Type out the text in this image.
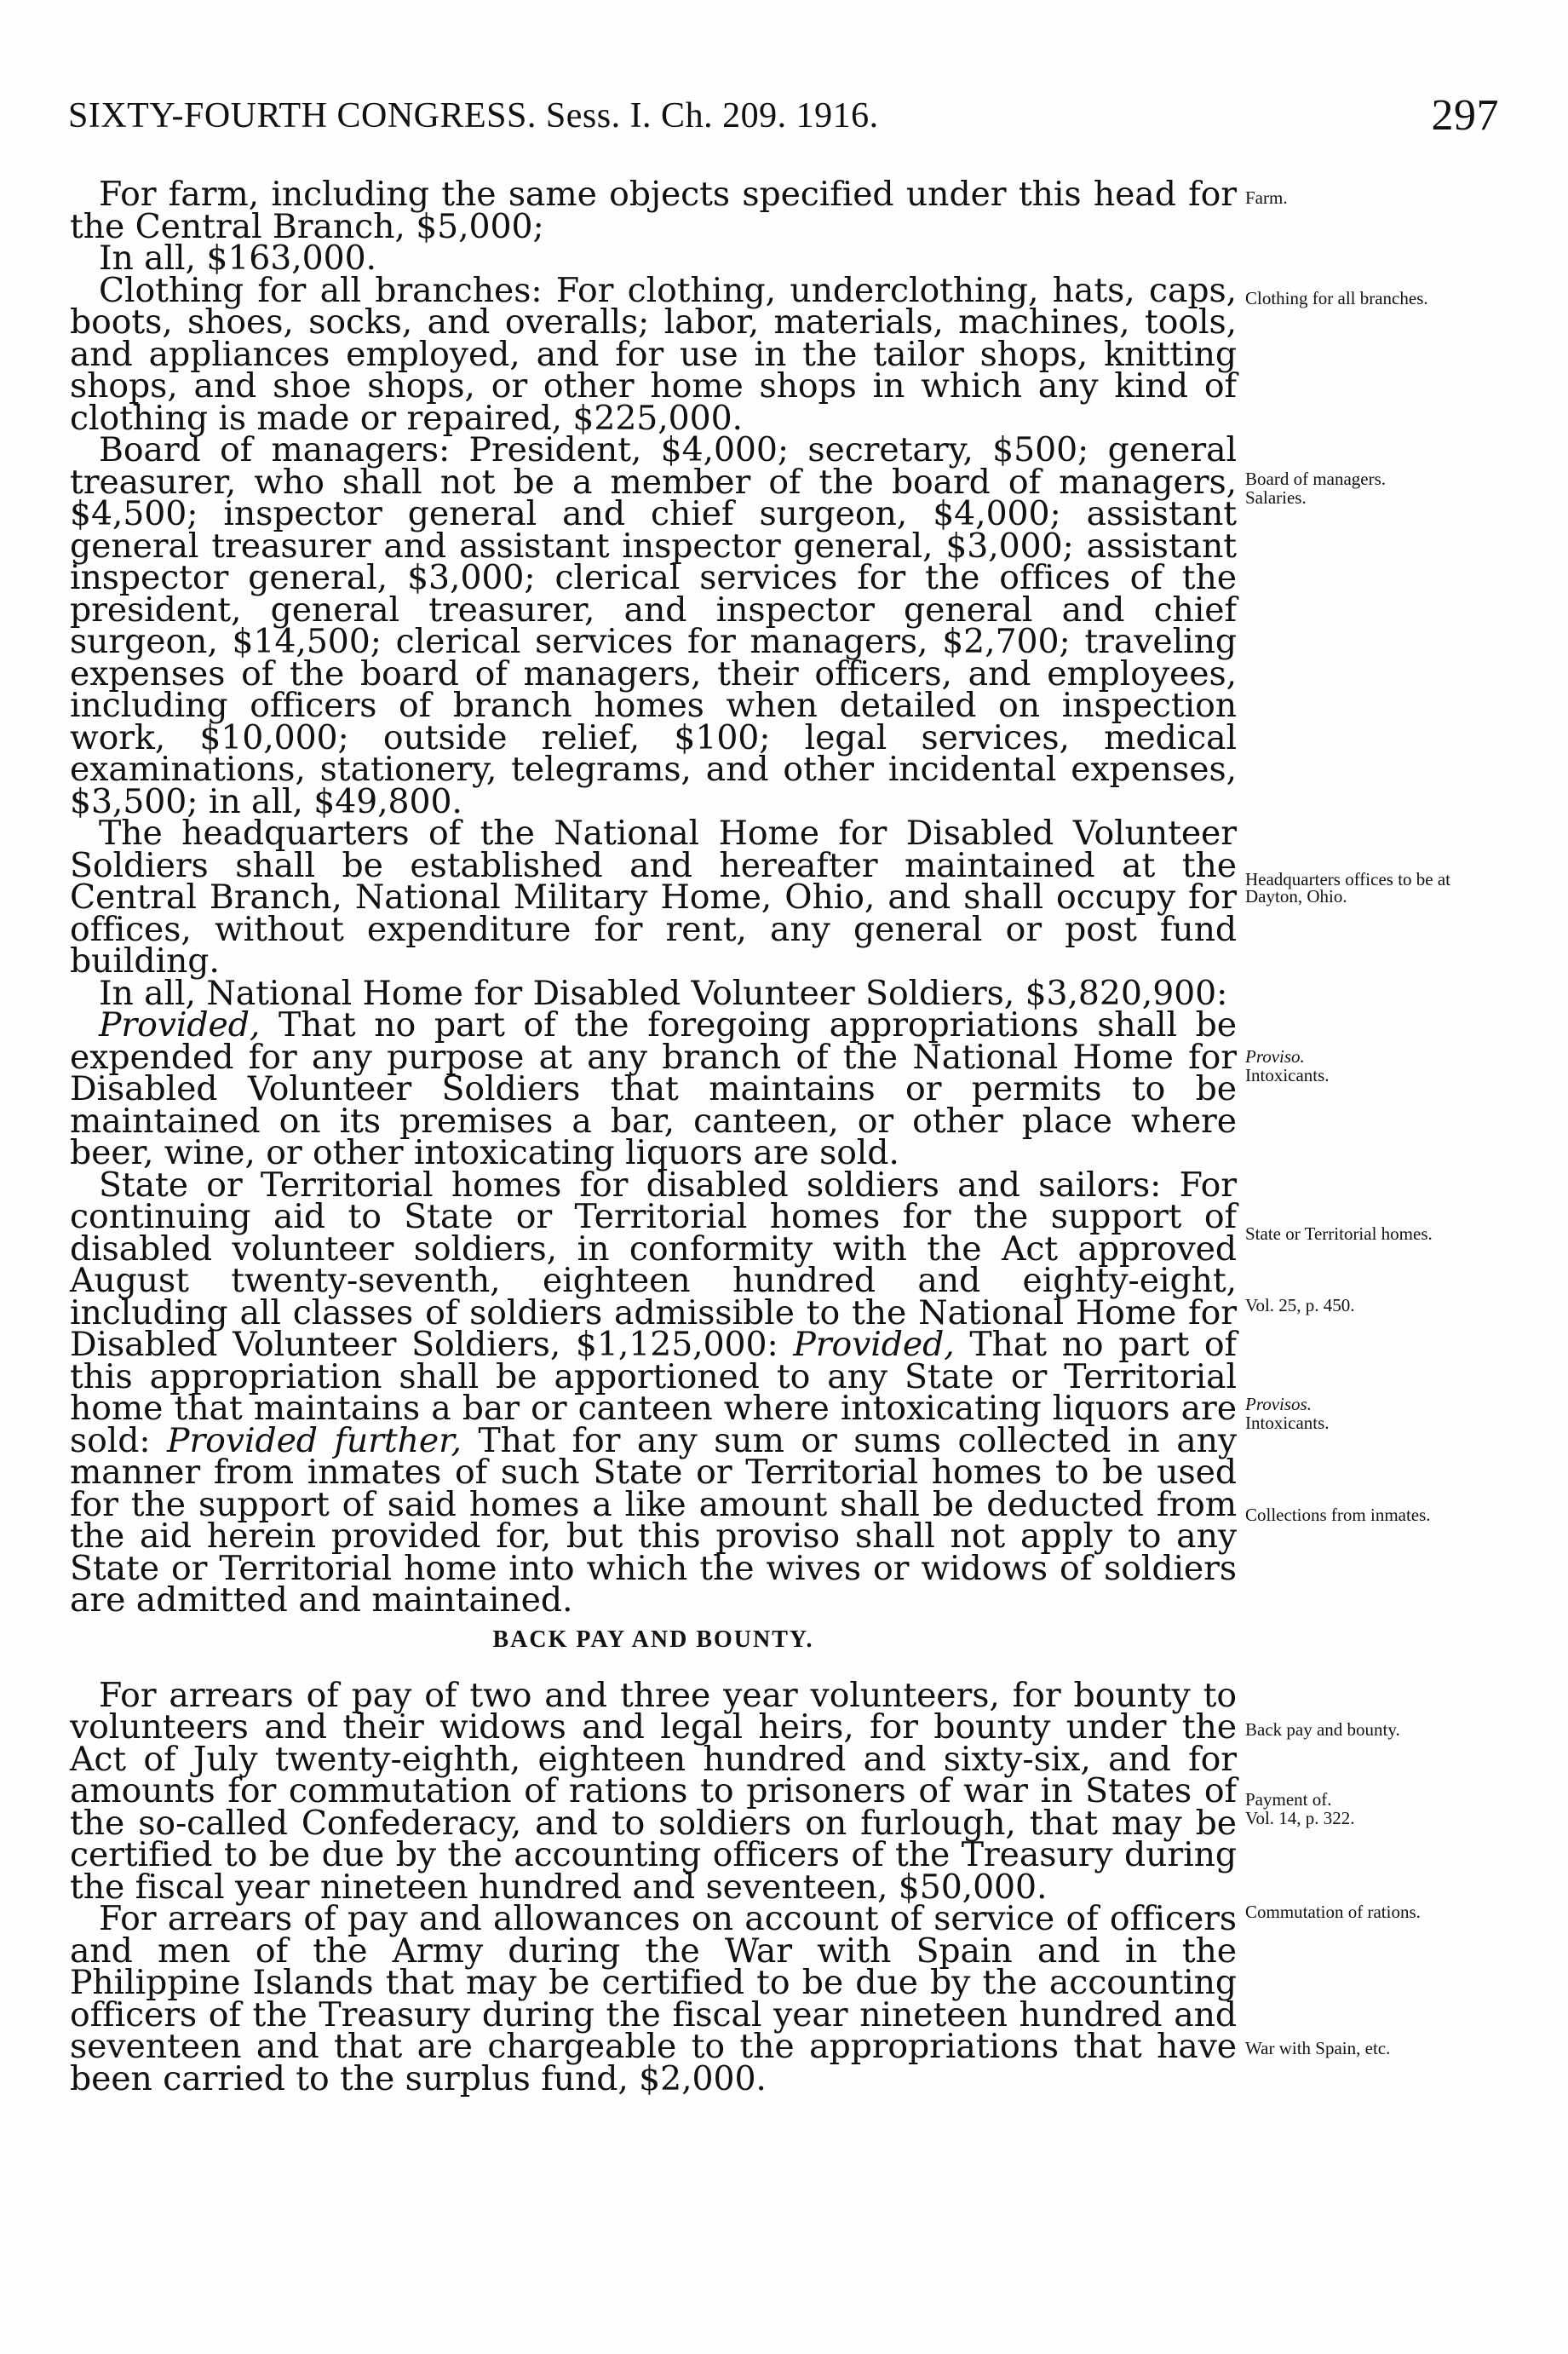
SIXTY-FOURTH CONGRESS. Sess. I. Ch. 209. 1916.	297

For farm, including the same objects specified under this head for the Central Branch, $5,000;

In all, $163,000.

Clothing for all branches: For clothing, underclothing, hats, caps, boots, shoes, socks, and overalls; labor, materials, machines, tools, and appliances employed, and for use in the tailor shops, knitting shops, and shoe shops, or other home shops in which any kind of clothing is made or repaired, $225,000.

Board of managers: President, $4,000; secretary, $500; general treasurer, who shall not be a member of the board of managers, $4,500; inspector general and chief surgeon, $4,000; assistant general treasurer and assistant inspector general, $3,000; assistant inspector general, $3,000; clerical services for the offices of the president, general treasurer, and inspector general and chief surgeon, $14,500; clerical services for managers, $2,700; traveling expenses of the board of managers, their officers, and employees, including officers of branch homes when detailed on inspection work, $10,000; outside relief, $100; legal services, medical examinations, stationery, telegrams, and other incidental expenses, $3,500; in all, $49,800.

The headquarters of the National Home for Disabled Volunteer Soldiers shall be established and hereafter maintained at the Central Branch, National Military Home, Ohio, and shall occupy for offices, without expenditure for rent, any general or post fund building.

In all, National Home for Disabled Volunteer Soldiers, $3,820,900:

Provided, That no part of the foregoing appropriations shall be expended for any purpose at any branch of the National Home for Disabled Volunteer Soldiers that maintains or permits to be maintained on its premises a bar, canteen, or other place where beer, wine, or other intoxicating liquors are sold.

State or Territorial homes for disabled soldiers and sailors: For continuing aid to State or Territorial homes for the support of disabled volunteer soldiers, in conformity with the Act approved August twenty-seventh, eighteen hundred and eighty-eight, including all classes of soldiers admissible to the National Home for Disabled Volunteer Soldiers, $1,125,000: Provided, That no part of this appropriation shall be apportioned to any State or Territorial home that maintains a bar or canteen where intoxicating liquors are sold: Provided further, That for any sum or sums collected in any manner from inmates of such State or Territorial homes to be used for the support of said homes a like amount shall be deducted from the aid herein provided for, but this proviso shall not apply to any State or Territorial home into which the wives or widows of soldiers are admitted and maintained.

BACK PAY AND BOUNTY.

For arrears of pay of two and three year volunteers, for bounty to volunteers and their widows and legal heirs, for bounty under the Act of July twenty-eighth, eighteen hundred and sixty-six, and for amounts for commutation of rations to prisoners of war in States of the so-called Confederacy, and to soldiers on furlough, that may be certified to be due by the accounting officers of the Treasury during the fiscal year nineteen hundred and seventeen, $50,000.

For arrears of pay and allowances on account of service of officers and men of the Army during the War with Spain and in the Philippine Islands that may be certified to be due by the accounting officers of the Treasury during the fiscal year nineteen hundred and seventeen and that are chargeable to the appropriations that have been carried to the surplus fund, $2,000.

Farm.
Clothing for all branches.
Board of managers.
Salaries.
Headquarters offices to be at Dayton, Ohio.
Proviso.
Intoxicants.
State or Territorial homes.
Vol. 25, p. 450.
Provisos.
Intoxicants.
Collections from inmates.
Back pay and bounty.
Payment of.
Vol. 14, p. 322.
Commutation of rations.
War with Spain, etc.
